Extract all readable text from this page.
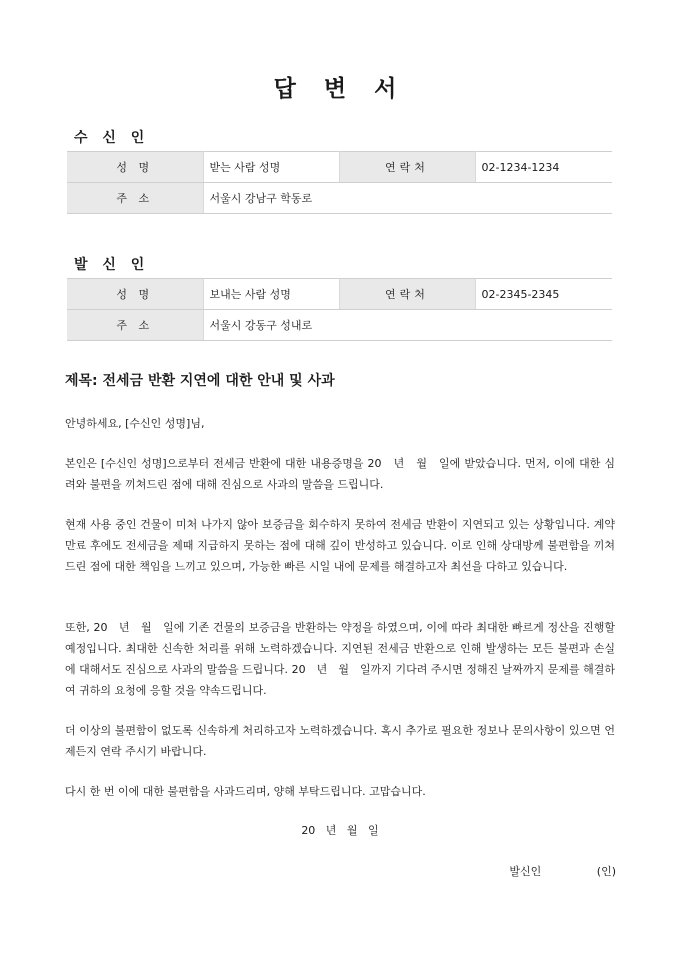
답 변 서
수 신 인
성 명	받는 사람 성명	연락처	02-1234-1234
주 소	서울시 강남구 학동로		
발 신 인
성 명	보내는 사람 성명	연락처	02-2345-2345
주 소	서울시 강동구 성내로		
제목: 전세금 반환 지연에 대한 안내 및 사과
안녕하세요, [수신인 성명]님,
본인은 [수신인 성명]으로부터 전세금 반환에 대한 내용증명을 20　년　월　일에 받았습니다. 먼저, 이에 대한 심려와 불편을 끼쳐드린 점에 대해 진심으로 사과의 말씀을 드립니다.
현재 사용 중인 건물이 미처 나가지 않아 보증금을 회수하지 못하여 전세금 반환이 지연되고 있는 상황입니다. 계약 만료 후에도 전세금을 제때 지급하지 못하는 점에 대해 깊이 반성하고 있습니다. 이로 인해 상대방께 불편함을 끼쳐드린 점에 대한 책임을 느끼고 있으며, 가능한 빠른 시일 내에 문제를 해결하고자 최선을 다하고 있습니다.
또한, 20　년　월　일에 기존 건물의 보증금을 반환하는 약정을 하였으며, 이에 따라 최대한 빠르게 정산을 진행할 예정입니다. 최대한 신속한 처리를 위해 노력하겠습니다. 지연된 전세금 반환으로 인해 발생하는 모든 불편과 손실에 대해서도 진심으로 사과의 말씀을 드립니다. 20　년　월　일까지 기다려 주시면 정해진 날짜까지 문제를 해결하여 귀하의 요청에 응할 것을 약속드립니다.
더 이상의 불편함이 없도록 신속하게 처리하고자 노력하겠습니다. 혹시 추가로 필요한 정보나 문의사항이 있으면 언제든지 연락 주시기 바랍니다.
다시 한 번 이에 대한 불편함을 사과드리며, 양해 부탁드립니다. 고맙습니다.
20   년   월   일
발신인	(인)
